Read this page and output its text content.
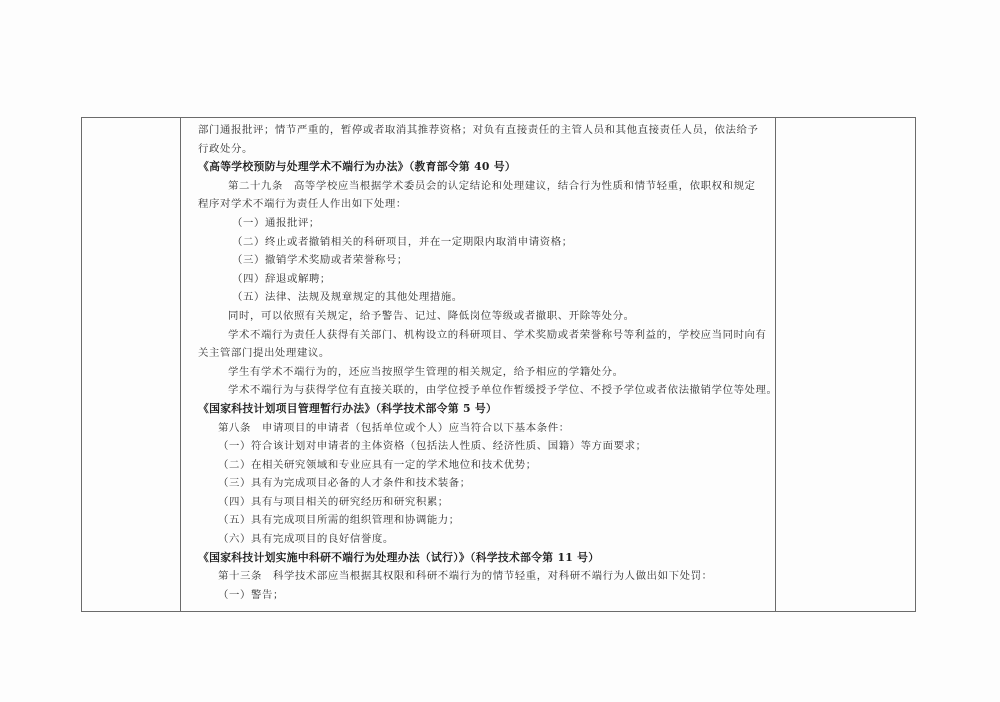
部门通报批评；情节严重的，暂停或者取消其推荐资格；对负有直接责任的主管人员和其他直接责任人员，依法给予

行政处分。

《高等学校预防与处理学术不端行为办法》（教育部令第 40 号）

第二十九条　高等学校应当根据学术委员会的认定结论和处理建议，结合行为性质和情节轻重，依职权和规定

程序对学术不端行为责任人作出如下处理：

（一）通报批评；

（二）终止或者撤销相关的科研项目，并在一定期限内取消申请资格；

（三）撤销学术奖励或者荣誉称号；

（四）辞退或解聘；

（五）法律、法规及规章规定的其他处理措施。

同时，可以依照有关规定，给予警告、记过、降低岗位等级或者撤职、开除等处分。

学术不端行为责任人获得有关部门、机构设立的科研项目、学术奖励或者荣誉称号等利益的，学校应当同时向有

关主管部门提出处理建议。

学生有学术不端行为的，还应当按照学生管理的相关规定，给予相应的学籍处分。

学术不端行为与获得学位有直接关联的，由学位授予单位作暂缓授予学位、不授予学位或者依法撤销学位等处理。

《国家科技计划项目管理暂行办法》（科学技术部令第 5 号）

第八条　申请项目的申请者（包括单位或个人）应当符合以下基本条件：

（一）符合该计划对申请者的主体资格（包括法人性质、经济性质、国籍）等方面要求；

（二）在相关研究领域和专业应具有一定的学术地位和技术优势；

（三）具有为完成项目必备的人才条件和技术装备；

（四）具有与项目相关的研究经历和研究积累；

（五）具有完成项目所需的组织管理和协调能力；

（六）具有完成项目的良好信誉度。

《国家科技计划实施中科研不端行为处理办法（试行）》（科学技术部令第 11 号）

第十三条　科学技术部应当根据其权限和科研不端行为的情节轻重，对科研不端行为人做出如下处罚：

（一）警告；
